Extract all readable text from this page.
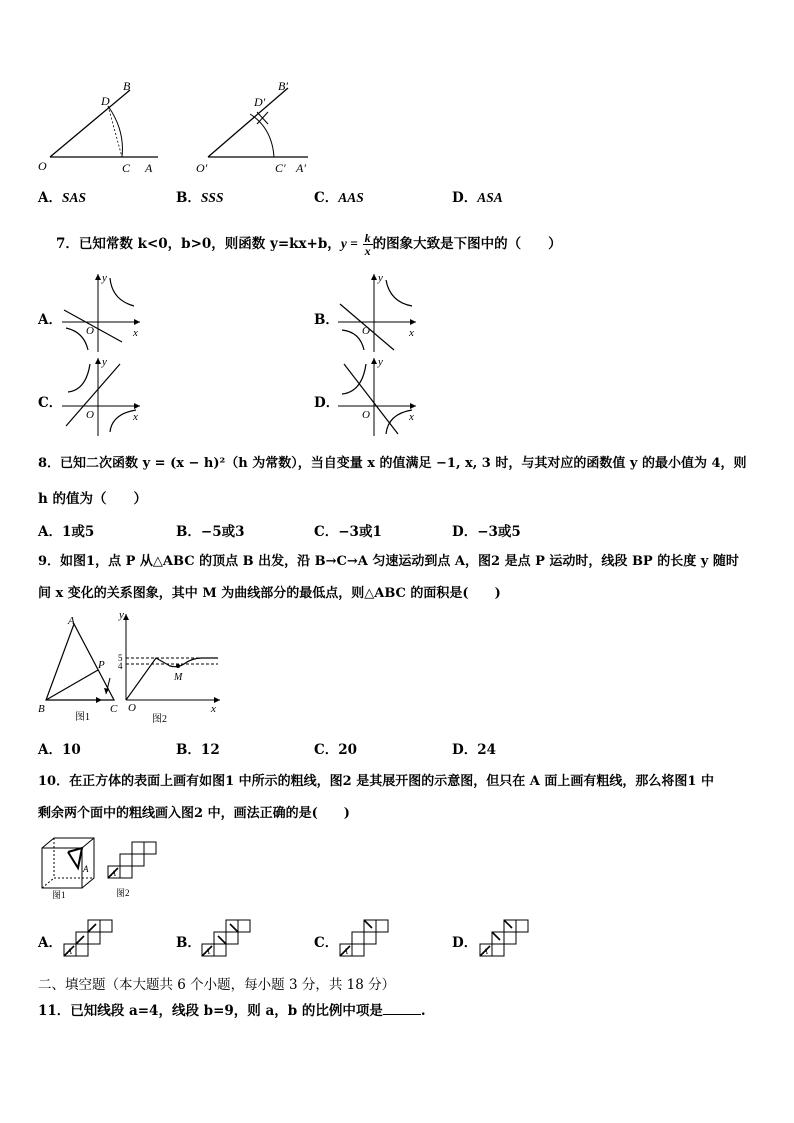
B
D
O	C A
B′
D′
O′	C′ A′
A．SAS	B．SSS	C．AAS	D．ASA
7．已知常数 k<0，b>0，则函数 y=kx+b，$y = \frac{k}{x}$ 的图象大致是下图中的（　　）
A．	B．
C．	D．
y
x
O
y
x
O
y
x
O
y
x
O
8．已知二次函数 y = (x − h)²（h 为常数），当自变量 x 的值满足 −1, x, 3 时，与其对应的函数值 y 的最小值为 4，则
h 的值为（　　）
A．1或5	B．−5或3	C．−3或1	D．−3或5
9．如图1，点 P 从△ABC 的顶点 B 出发，沿 B→C→A 匀速运动到点 A，图2 是点 P 运动时，线段 BP 的长度 y 随时
间 x 变化的关系图象，其中 M 为曲线部分的最低点，则△ABC 的面积是(　　)
A
B	C
P
图1
y
x
O
M
5
4
图2
A．10	B．12	C．20	D．24
10．在正方体的表面上画有如图1 中所示的粗线，图2 是其展开图的示意图，但只在 A 面上画有粗线，那么将图1 中
剩余两个面中的粗线画入图2 中，画法正确的是(　　)
A
图1
A
图2
A．
A
B．
A
C．
A
D．
A
二、填空题（本大题共 6 个小题，每小题 3 分，共 18 分）
11．已知线段 a=4，线段 b=9，则 a，b 的比例中项是	.
